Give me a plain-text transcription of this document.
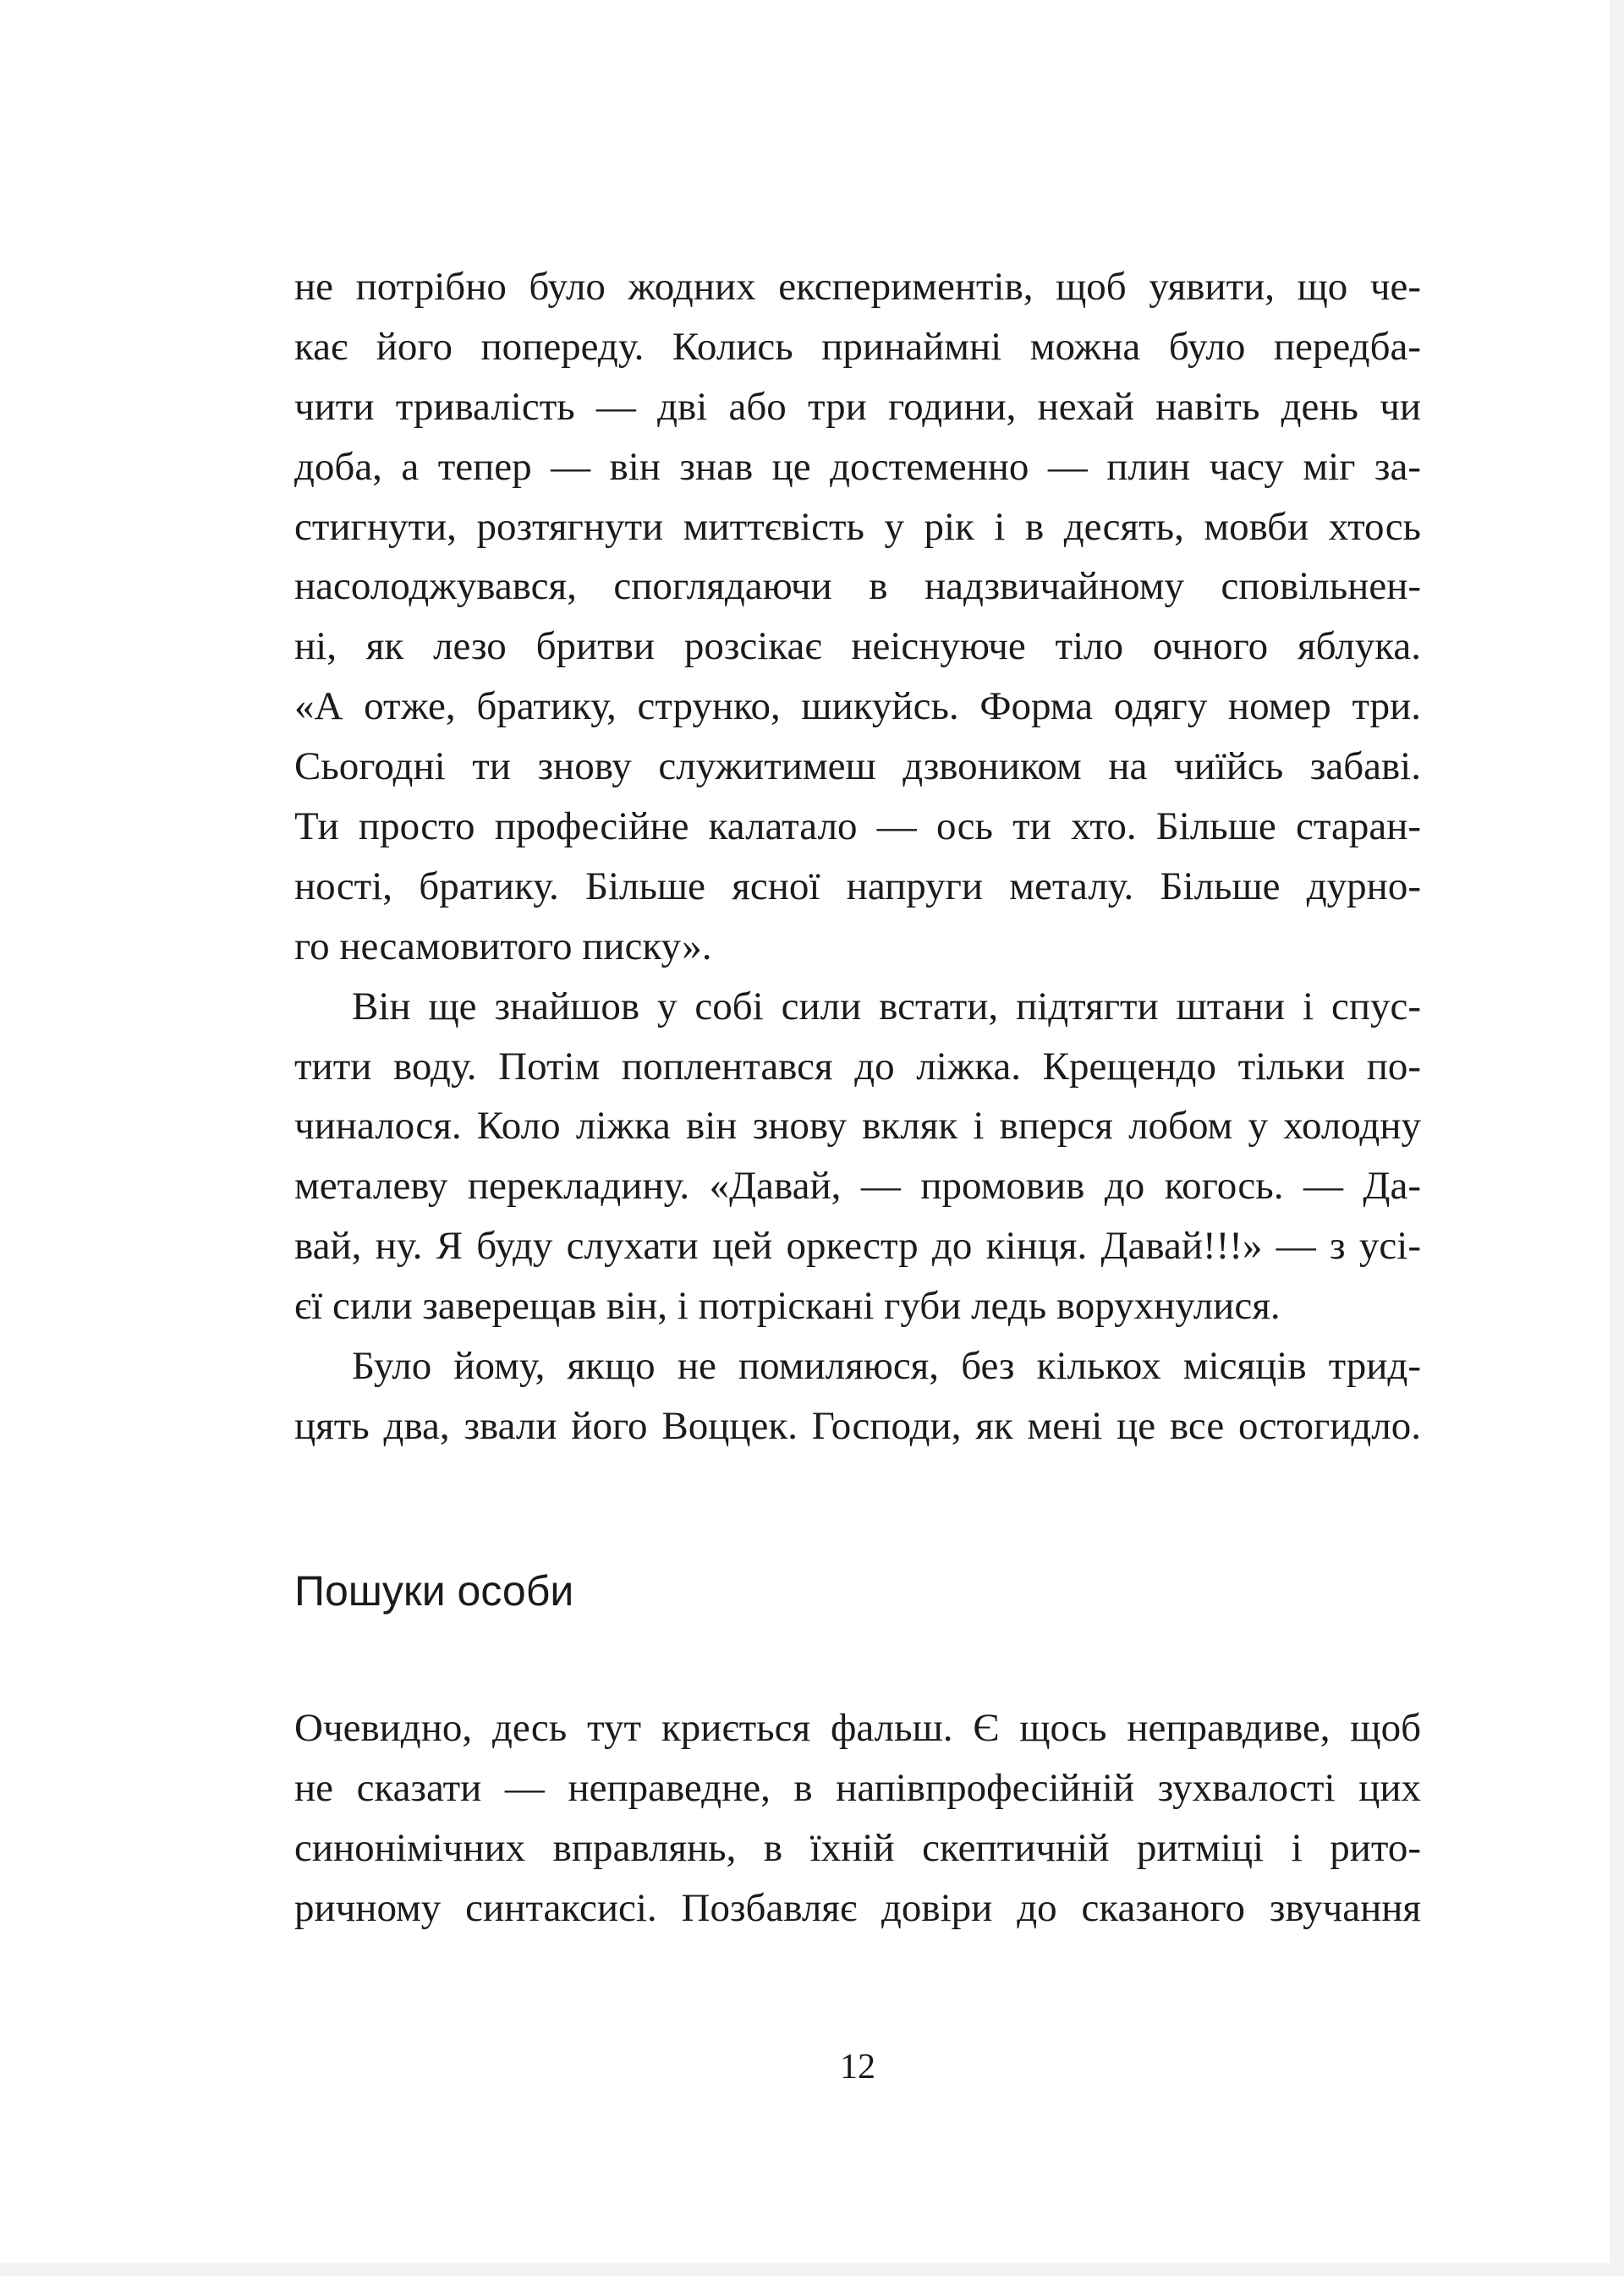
не потрібно було жодних експериментів, щоб уявити, що че-
кає його попереду. Колись принаймні можна було передба-
чити тривалість — дві або три години, нехай навіть день чи
доба, а тепер — він знав це достеменно — плин часу міг за-
стигнути, розтягнути миттєвість у рік і в десять, мовби хтось
насолоджувався, споглядаючи в надзвичайному сповільнен-
ні, як лезо бритви розсікає неіснуюче тіло очного яблука.
«А отже, братику, струнко, шикуйсь. Форма одягу номер три.
Сьогодні ти знову служитимеш дзвоником на чиїйсь забаві.
Ти просто професійне калатало — ось ти хто. Більше старан-
ності, братику. Більше ясної напруги металу. Більше дурно-
го несамовитого писку».
Він ще знайшов у собі сили встати, підтягти штани і спус-
тити воду. Потім поплентався до ліжка. Крещендо тільки по-
чиналося. Коло ліжка він знову вкляк і вперся лобом у холодну
металеву перекладину. «Давай, — промовив до когось. — Да-
вай, ну. Я буду слухати цей оркестр до кінця. Давай!!!» — з усі-
єї сили заверещав він, і потріскані губи ледь ворухнулися.
Було йому, якщо не помиляюся, без кількох місяців трид-
цять два, звали його Воццек. Господи, як мені це все остогидло.
Пошуки особи
Очевидно, десь тут криється фальш. Є щось неправдиве, щоб
не сказати — неправедне, в напівпрофесійній зухвалості цих
синонімічних вправлянь, в їхній скептичній ритміці і рито-
ричному синтаксисі. Позбавляє довіри до сказаного звучання
12
